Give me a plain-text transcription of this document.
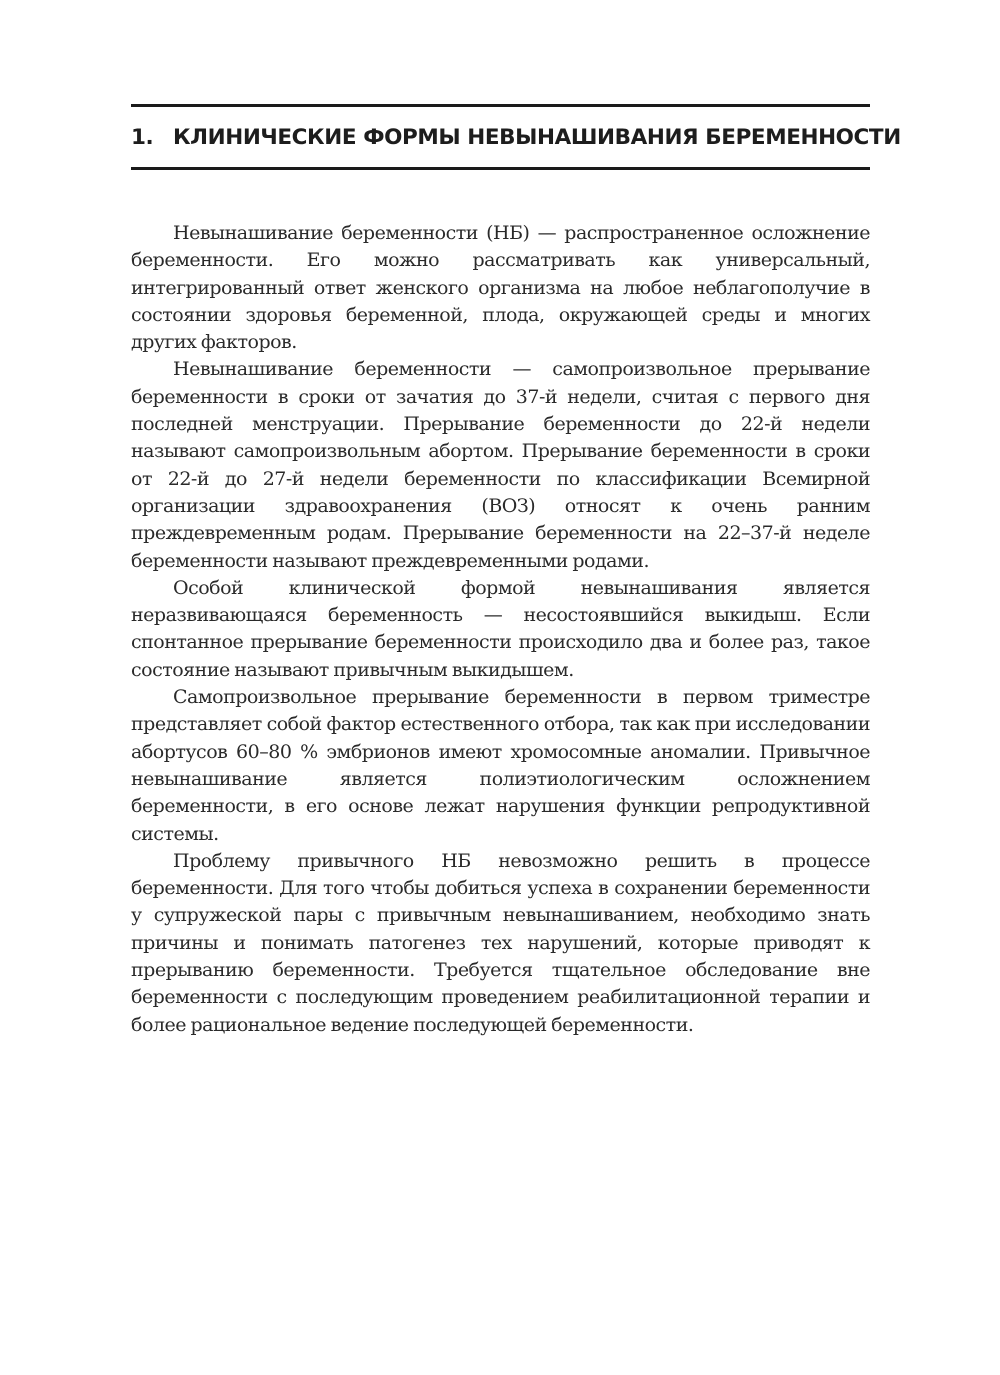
1. КЛИНИЧЕСКИЕ ФОРМЫ НЕВЫНАШИВАНИЯ БЕРЕМЕННОСТИ

Невынашивание беременности (НБ) — распространенное осложнение беременности. Его можно рассматривать как универсальный, интегрированный ответ женского организма на любое неблагополучие в состоянии здоровья беременной, плода, окружающей среды и многих других факторов.

Невынашивание беременности — самопроизвольное прерывание беременности в сроки от зачатия до 37-й недели, считая с первого дня последней менструации. Прерывание беременности до 22-й недели называют самопроизвольным абортом. Прерывание беременности в сроки от 22-й до 27-й недели беременности по классификации Всемирной организации здравоохранения (ВОЗ) относят к очень ранним преждевременным родам. Прерывание беременности на 22–37-й неделе беременности называют преждевременными родами.

Особой клинической формой невынашивания является неразвивающаяся беременность — несостоявшийся выкидыш. Если спонтанное прерывание беременности происходило два и более раз, такое состояние называют привычным выкидышем.

Самопроизвольное прерывание беременности в первом триместре представляет собой фактор естественного отбора, так как при исследовании абортусов 60–80 % эмбрионов имеют хромосомные аномалии. Привычное невынашивание является полиэтиологическим осложнением беременности, в его основе лежат нарушения функции репродуктивной системы.

Проблему привычного НБ невозможно решить в процессе беременности. Для того чтобы добиться успеха в сохранении беременности у супружеской пары с привычным невынашиванием, необходимо знать причины и понимать патогенез тех нарушений, которые приводят к прерыванию беременности. Требуется тщательное обследование вне беременности с последующим проведением реабилитационной терапии и более рациональное ведение последующей беременности.
